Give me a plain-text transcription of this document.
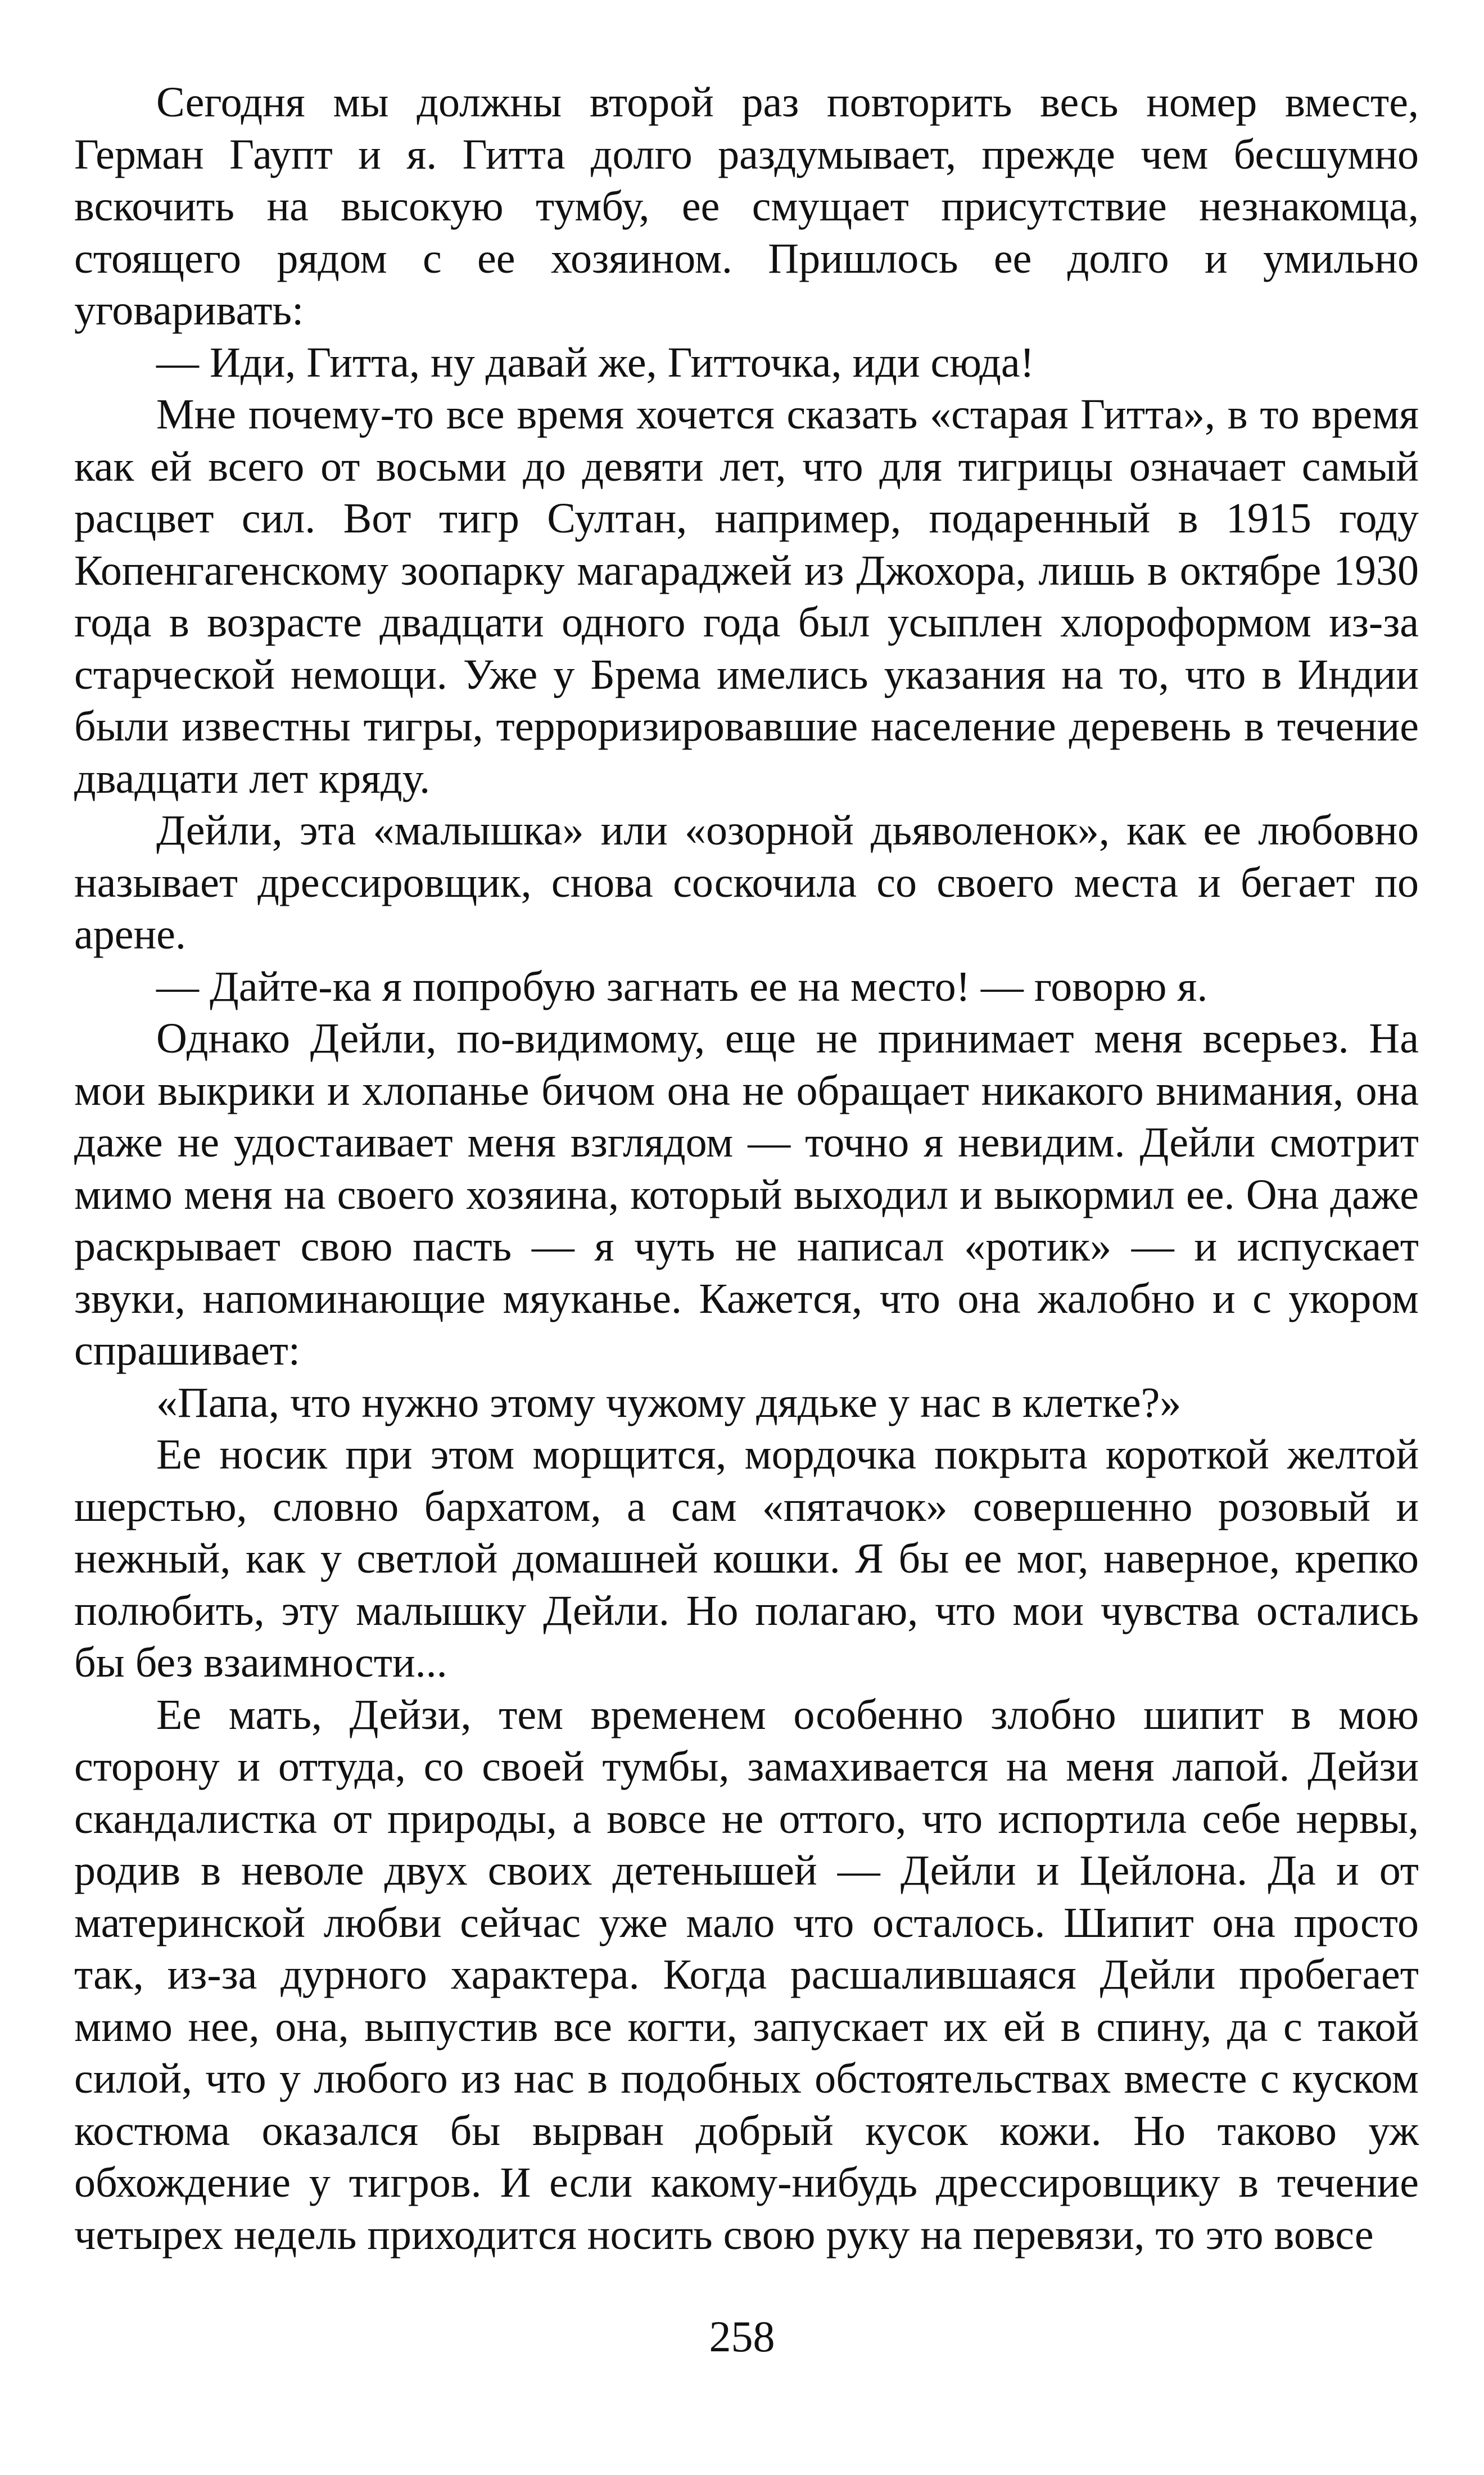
Сегодня мы должны второй раз повторить весь номер вместе, Герман Гаупт и я. Гитта долго раздумывает, прежде чем бесшумно вскочить на высокую тумбу, ее смущает присутствие незнакомца, стоящего рядом с ее хозяином. Пришлось ее долго и умильно уговаривать:

— Иди, Гитта, ну давай же, Гитточка, иди сюда!

Мне почему-то все время хочется сказать «старая Гитта», в то время как ей всего от восьми до девяти лет, что для тигрицы означает самый расцвет сил. Вот тигр Султан, например, подаренный в 1915 году Копенгагенскому зоопарку магараджей из Джохора, лишь в октябре 1930 года в возрасте двадцати одного года был усыплен хлороформом из-за старческой немощи. Уже у Брема имелись указания на то, что в Индии были известны тигры, терроризировавшие население деревень в течение двадцати лет кряду.

Дейли, эта «малышка» или «озорной дьяволенок», как ее любовно называет дрессировщик, снова соскочила со своего места и бегает по арене.

— Дайте-ка я попробую загнать ее на место! — говорю я.

Однако Дейли, по-видимому, еще не принимает меня всерьез. На мои выкрики и хлопанье бичом она не обращает никакого внимания, она даже не удостаивает меня взглядом — точно я невидим. Дейли смотрит мимо меня на своего хозяина, который выходил и выкормил ее. Она даже раскрывает свою пасть — я чуть не написал «ротик» — и испускает звуки, напоминающие мяуканье. Кажется, что она жалобно и с укором спрашивает:

«Папа, что нужно этому чужому дядьке у нас в клетке?»

Ее носик при этом морщится, мордочка покрыта короткой желтой шерстью, словно бархатом, а сам «пятачок» совершенно розовый и нежный, как у светлой домашней кошки. Я бы ее мог, наверное, крепко полюбить, эту малышку Дейли. Но полагаю, что мои чувства остались бы без взаимности...

Ее мать, Дейзи, тем временем особенно злобно шипит в мою сторону и оттуда, со своей тумбы, замахивается на меня лапой. Дейзи скандалистка от природы, а вовсе не оттого, что испортила себе нервы, родив в неволе двух своих детенышей — Дейли и Цейлона. Да и от материнской любви сейчас уже мало что осталось. Шипит она просто так, из-за дурного характера. Когда расшалившаяся Дейли пробегает мимо нее, она, выпустив все когти, запускает их ей в спину, да с такой силой, что у любого из нас в подобных обстоятельствах вместе с куском костюма оказался бы вырван добрый кусок кожи. Но таково уж обхождение у тигров. И если какому-нибудь дрессировщику в течение четырех недель приходится носить свою руку на перевязи, то это вовсе

258
